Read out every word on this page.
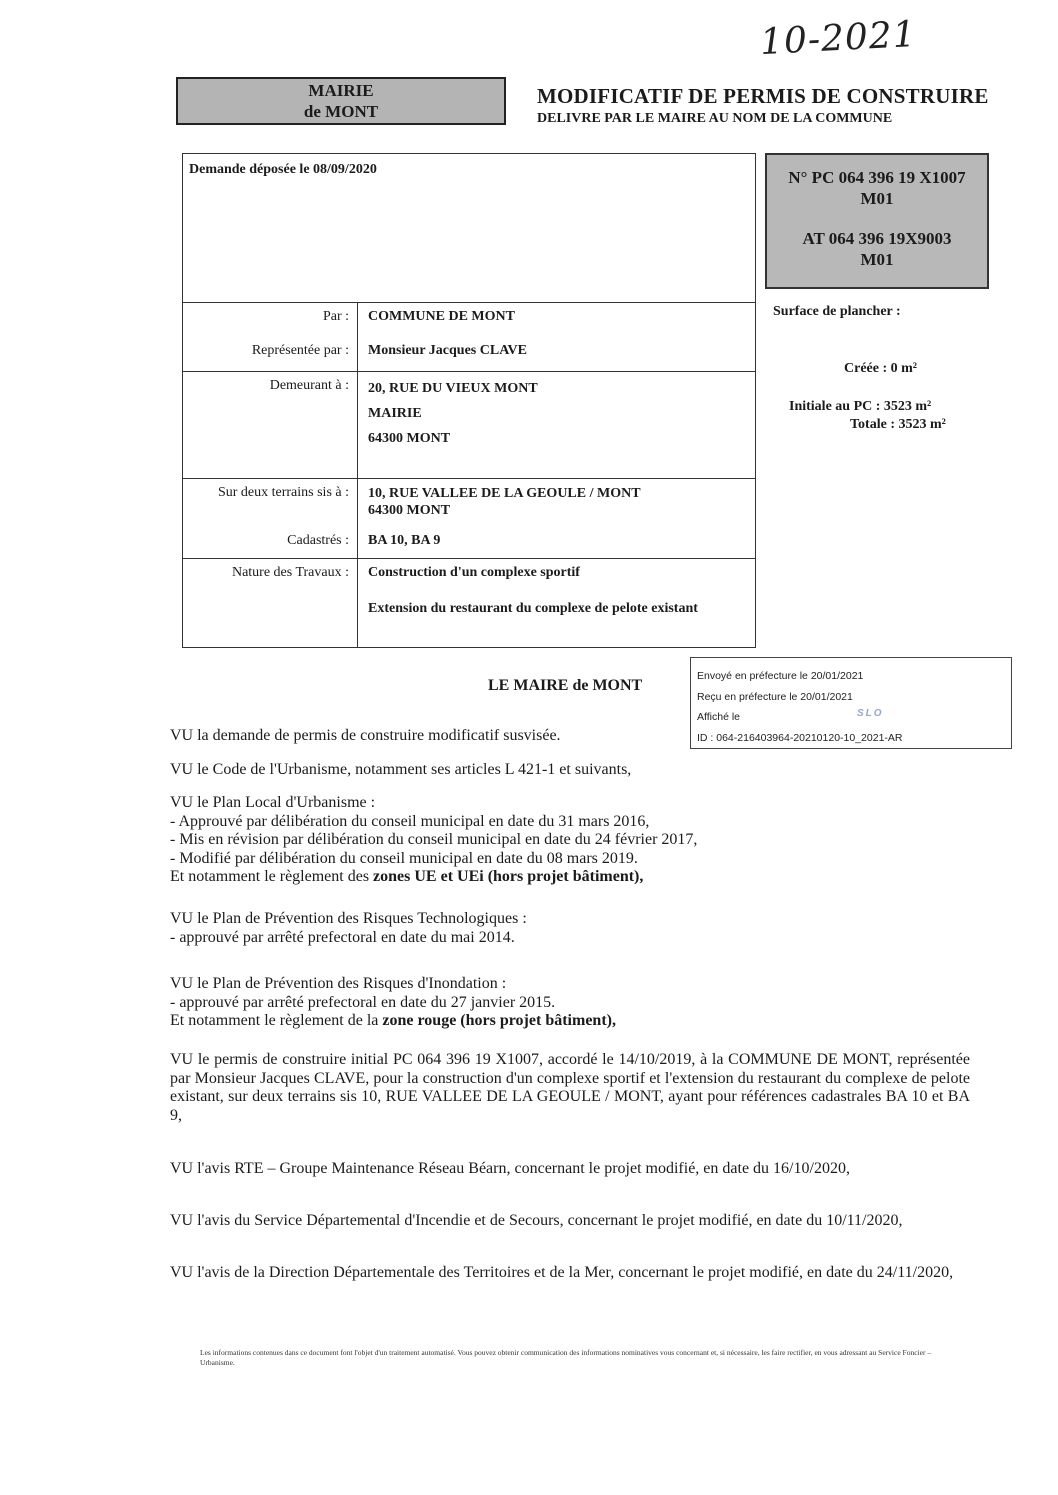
10-2021
MAIRIE
de MONT
MODIFICATIF DE PERMIS DE CONSTRUIRE
DELIVRE PAR LE MAIRE AU NOM DE LA COMMUNE
Demande déposée le 08/09/2020	
Par :	COMMUNE DE MONT
Représentée par :	Monsieur Jacques CLAVE
Demeurant à :	20, RUE DU VIEUX MONT
MAIRIE
64300 MONT

Sur deux terrains sis à :	10, RUE VALLEE DE LA GEOULE / MONT
64300 MONT

Cadastrés :	BA 10, BA 9
Nature des Travaux :	Construction d'un complexe sportif
Extension du restaurant du complexe de pelote existant
N° PC 064 396 19 X1007
M01
AT 064 396 19X9003
M01
Surface de plancher :
Créée : 0 m²
Initiale au PC : 3523 m²
Totale : 3523 m²
LE MAIRE de MONT
Envoyé en préfecture le 20/01/2021
Reçu en préfecture le 20/01/2021
Affiché le
ID : 064-216403964-20210120-10_2021-AR
SLO

VU la demande de permis de construire modificatif susvisée.

VU le Code de l'Urbanisme, notamment ses articles L 421-1 et suivants,

VU le Plan Local d'Urbanisme :

- Approuvé par délibération du conseil municipal en date du 31 mars 2016,

- Mis en révision par délibération du conseil municipal en date du 24 février 2017,

- Modifié par délibération du conseil municipal en date du 08 mars 2019.

Et notamment le règlement des zones UE et UEi (hors projet bâtiment),

VU le Plan de Prévention des Risques Technologiques :

- approuvé par arrêté prefectoral en date du mai 2014.

VU le Plan de Prévention des Risques d'Inondation :

- approuvé par arrêté prefectoral en date du 27 janvier 2015.

Et notamment le règlement de la zone rouge (hors projet bâtiment),

VU le permis de construire initial PC 064 396 19 X1007, accordé le 14/10/2019, à la COMMUNE DE MONT, représentée par Monsieur Jacques CLAVE, pour la construction d'un complexe sportif et l'extension du restaurant du complexe de pelote existant, sur deux terrains sis 10, RUE VALLEE DE LA GEOULE / MONT, ayant pour références cadastrales BA 10 et BA 9,

VU l'avis RTE – Groupe Maintenance Réseau Béarn, concernant le projet modifié, en date du 16/10/2020,

VU l'avis du Service Départemental d'Incendie et de Secours, concernant le projet modifié, en date du 10/11/2020,

VU l'avis de la Direction Départementale des Territoires et de la Mer, concernant le projet modifié, en date du 24/11/2020,

Les informations contenues dans ce document font l'objet d'un traitement automatisé. Vous pouvez obtenir communication des informations nominatives vous concernant et, si nécessaire, les faire rectifier, en vous adressant au Service Foncier – Urbanisme.
